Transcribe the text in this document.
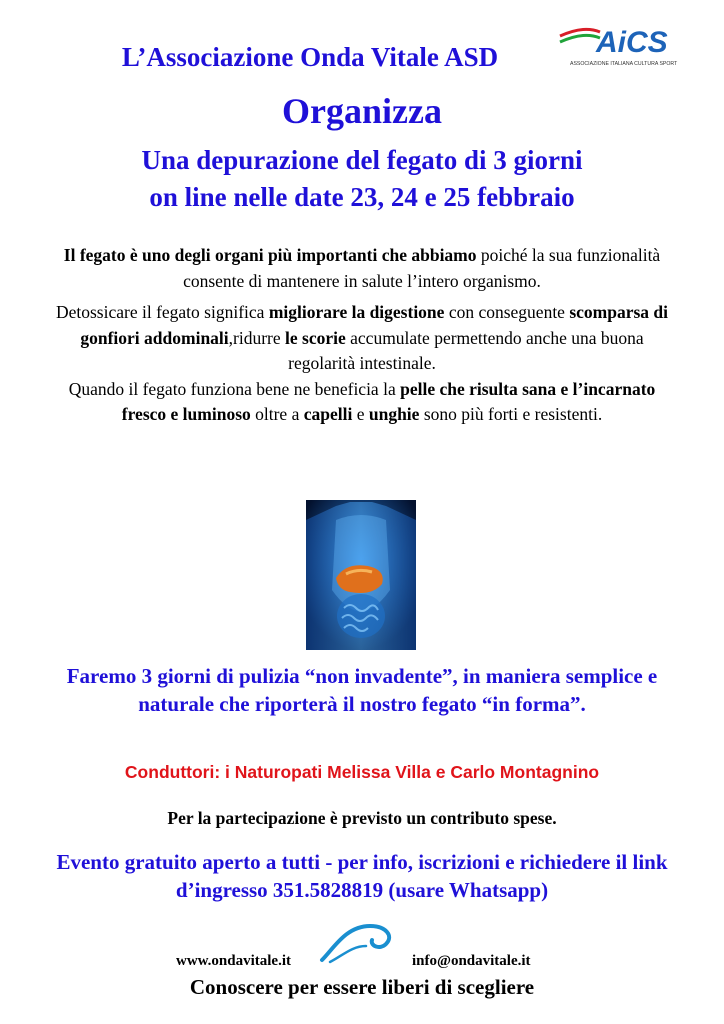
L’Associazione Onda Vitale ASD	AiCS
ASSOCIAZIONE ITALIANA CULTURA SPORT
Organizza
Una depurazione del fegato di 3 giorni
on line nelle date 23, 24 e 25 febbraio

Il fegato è uno degli organi più importanti che abbiamo poiché la sua funzionalità consente di mantenere in salute l’intero organismo.

Detossicare il fegato significa migliorare la digestione con conseguente scomparsa di gonfiori addominali,ridurre le scorie accumulate permettendo anche una buona regolarità intestinale.

Quando il fegato funziona bene ne beneficia la pelle che risulta sana e l’incarnato fresco e luminoso oltre a capelli e unghie sono più forti e resistenti.

Faremo 3 giorni di pulizia “non invadente”, in maniera semplice e naturale che riporterà il nostro fegato “in forma”.
Conduttori: i Naturopati Melissa Villa e Carlo Montagnino
Per la partecipazione è previsto un contributo spese.
Evento gratuito aperto a tutti - per info, iscrizioni e richiedere il link d’ingresso 351.5828819 (usare Whatsapp)
www.ondavitale.it	info@ondavitale.it
Conoscere per essere liberi di scegliere
